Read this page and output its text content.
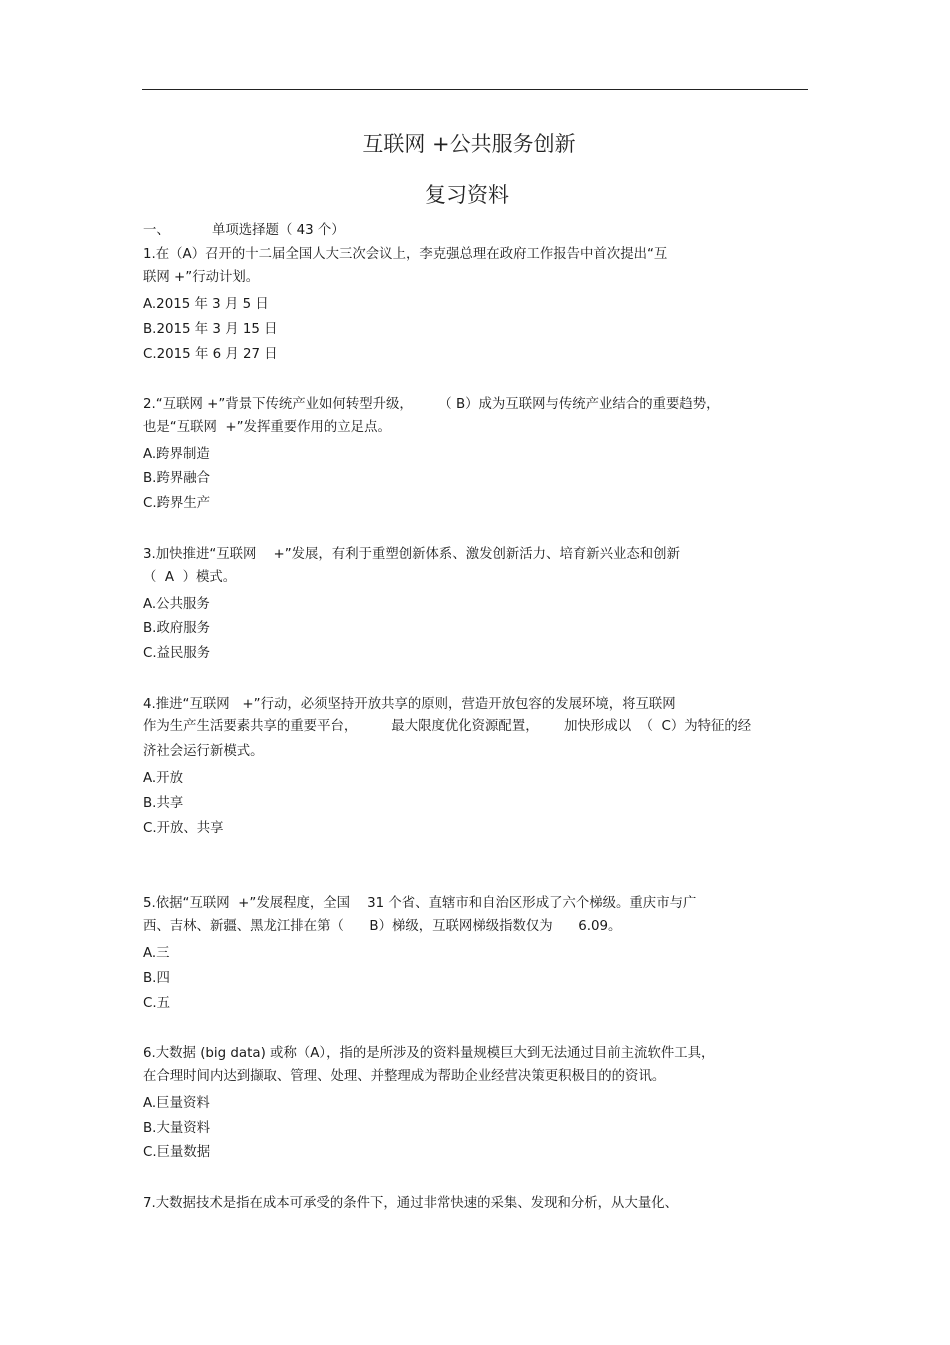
互联网 +公共服务创新
复习资料

一、

	单项选择题（ 43 个）

1.在（A）召开的十二届全国人大三次会议上，李克强总理在政府工作报告中首次提出“互
联网 +”行动计划。
A.2015 年 3 月 5 日
B.2015 年 3 月 15 日
C.2015 年 6 月 27 日
2.“互联网 +”背景下传统产业如何转型升级，      （ B）成为互联网与传统产业结合的重要趋势，
也是“互联网  +”发挥重要作用的立足点。
A.跨界制造
B.跨界融合
C.跨界生产
3.加快推进“互联网    +”发展，有利于重塑创新体系、激发创新活力、培育新兴业态和创新
（  A  ）模式。
A.公共服务
B.政府服务
C.益民服务
4.推进“互联网   +”行动，必须坚持开放共享的原则，营造开放包容的发展环境，将互联网
作为生产生活要素共享的重要平台，        最大限度优化资源配置，      加快形成以  （  C）为特征的经
济社会运行新模式。
A.开放
B.共享
C.开放、共享
5.依据“互联网  +”发展程度，全国    31 个省、直辖市和自治区形成了六个梯级。重庆市与广
西、吉林、新疆、黑龙江排在第（      B）梯级，互联网梯级指数仅为      6.09。
A.三
B.四
C.五
6.大数据 (big data) 或称（A），指的是所涉及的资料量规模巨大到无法通过目前主流软件工具，
在合理时间内达到撷取、管理、处理、并整理成为帮助企业经营决策更积极目的的资讯。
A.巨量资料
B.大量资料
C.巨量数据
7.大数据技术是指在成本可承受的条件下，通过非常快速的采集、发现和分析，从大量化、
